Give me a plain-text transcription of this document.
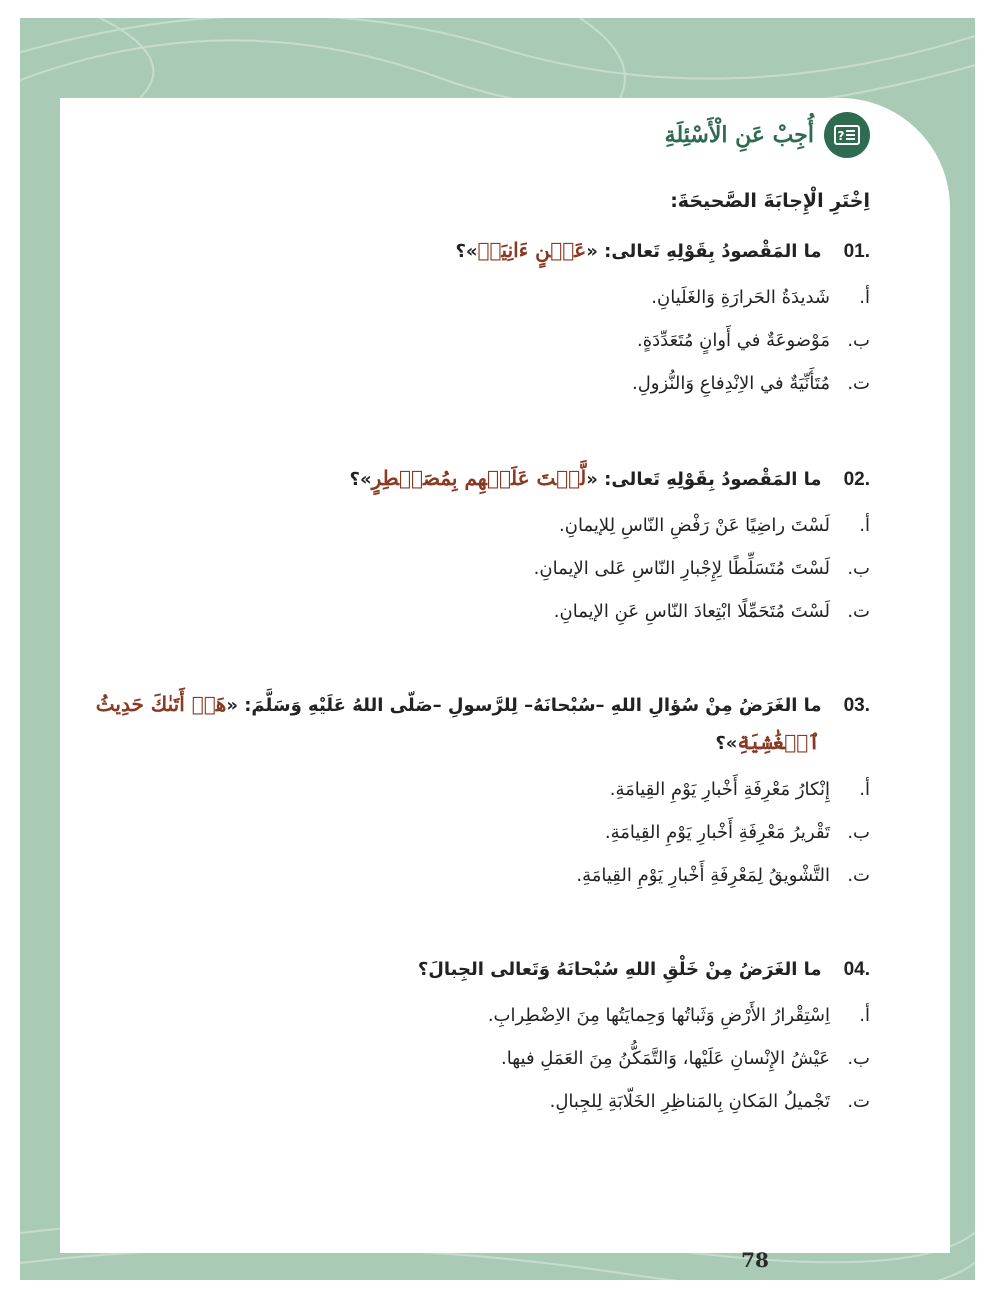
78
?
أُجِبْ عَنِ الْأَسْئِلَةِ
اِخْتَرِ الْإِجابَةَ الصَّحيحَةَ:
.01
ما المَقْصودُ بِقَوْلِهِ تَعالى: «عَيۡنٍ ءَانِيَةٖ»؟
أ.
شَديدَةُ الحَرارَةِ وَالغَلَيانِ.
ب.
مَوْضوعَةٌ في أَوانٍ مُتَعَدِّدَةٍ.
ت.
مُتَأَنِّيَةٌ في الاِنْدِفاعِ وَالنُّزولِ.
.02
ما المَقْصودُ بِقَوْلِهِ تَعالى: «لَّسۡتَ عَلَيۡهِم بِمُصَيۡطِرٍ»؟
أ.
لَسْتَ راضِيًا عَنْ رَفْضِ النّاسِ لِلإيمانِ.
ب.
لَسْتَ مُتَسَلِّطًا لِإِجْبارِ النّاسِ عَلى الإيمانِ.
ت.
لَسْتَ مُتَحَمِّلًا ابْتِعادَ النّاسِ عَنِ الإيمانِ.
.03
ما الغَرَضُ مِنْ سُؤالِ اللهِ –سُبْحانَهُ– لِلرَّسولِ –صَلّى اللهُ عَلَيْهِ وَسَلَّمَ: «هَلۡ أَتَىٰكَ حَدِيثُ
ٱلۡغَٰشِيَةِ»؟
أ.
إِنْكارُ مَعْرِفَةِ أَخْبارِ يَوْمِ القِيامَةِ.
ب.
تَقْريرُ مَعْرِفَةِ أَخْبارِ يَوْمِ القِيامَةِ.
ت.
التَّشْويقُ لِمَعْرِفَةِ أَخْبارِ يَوْمِ القِيامَةِ.
.04
ما الغَرَضُ مِنْ خَلْقِ اللهِ سُبْحانَهُ وَتَعالى الجِبالَ؟
أ.
اِسْتِقْرارُ الأَرْضِ وَثَباتُها وَحِمايَتُها مِنَ الاِضْطِرابِ.
ب.
عَيْشُ الإِنْسانِ عَلَيْها، وَالتَّمَكُّنُ مِنَ العَمَلِ فيها.
ت.
تَجْميلُ المَكانِ بِالمَناظِرِ الخَلّابَةِ لِلجِبالِ.
